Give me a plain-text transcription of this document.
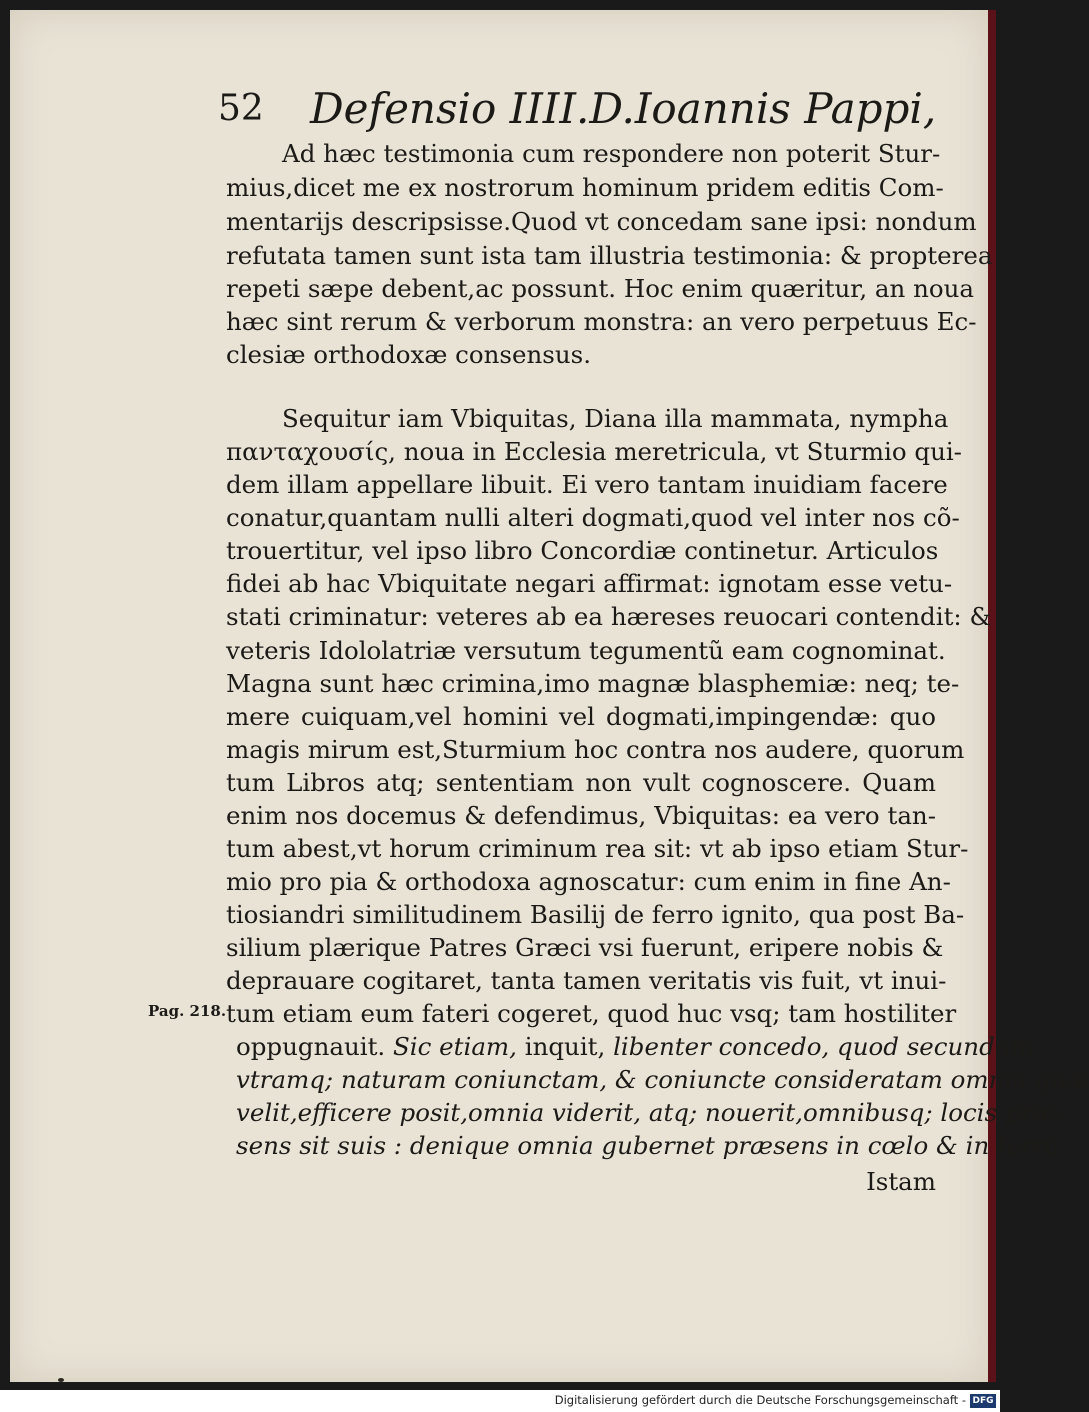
52 Defensio IIII.D.Ioannis Pappi,
Ad hæc testimonia cum respondere non poterit Stur-
mius,dicet me ex nostrorum hominum pridem editis Com-
mentarijs descripsisse.Quod vt concedam sane ipsi: nondum
refutata tamen sunt ista tam illustria testimonia: & propterea
repeti sæpe debent,ac possunt. Hoc enim quæritur, an noua
hæc sint rerum & verborum monstra: an vero perpetuus Ec-
clesiæ orthodoxæ consensus.
Sequitur iam Vbiquitas, Diana illa mammata, nympha
πανταχουσίς, noua in Ecclesia meretricula, vt Sturmio qui-
dem illam appellare libuit. Ei vero tantam inuidiam facere
conatur,quantam nulli alteri dogmati,quod vel inter nos cõ-
trouertitur, vel ipso libro Concordiæ continetur. Articulos
fidei ab hac Vbiquitate negari affirmat: ignotam esse vetu-
stati criminatur: veteres ab ea hæreses reuocari contendit: &
veteris Idololatriæ versutum tegumentũ eam cognominat.
Magna sunt hæc crimina,imo magnæ blasphemiæ: neq; te-
mere cuiquam,vel homini vel dogmati,impingendæ: quo
magis mirum est,Sturmium hoc contra nos audere, quorum
tum Libros atq; sententiam non vult cognoscere. Quam
enim nos docemus & defendimus, Vbiquitas: ea vero tan-
tum abest,vt horum criminum rea sit: vt ab ipso etiam Stur-
mio pro pia & orthodoxa agnoscatur: cum enim in fine An-
tiosiandri similitudinem Basilij de ferro ignito, qua post Ba-
silium plærique Patres Græci vsi fuerunt, eripere nobis &
deprauare cogitaret, tanta tamen veritatis vis fuit, vt inui-
tum etiam eum fateri cogeret, quod huc vsq; tam hostiliter
oppugnauit. Sic etiam, inquit, libenter concedo, quod secundum
vtramq; naturam coniunctam, & coniuncte consideratam omnia quæ
velit,efficere posit,omnia viderit, atq; nouerit,omnibusq; locis præ-
sens sit suis : denique omnia gubernet præsens in cœlo & in terra.
Istam
Pag. 218.
Digitalisierung gefördert durch die Deutsche Forschungsgemeinschaft - DFG
